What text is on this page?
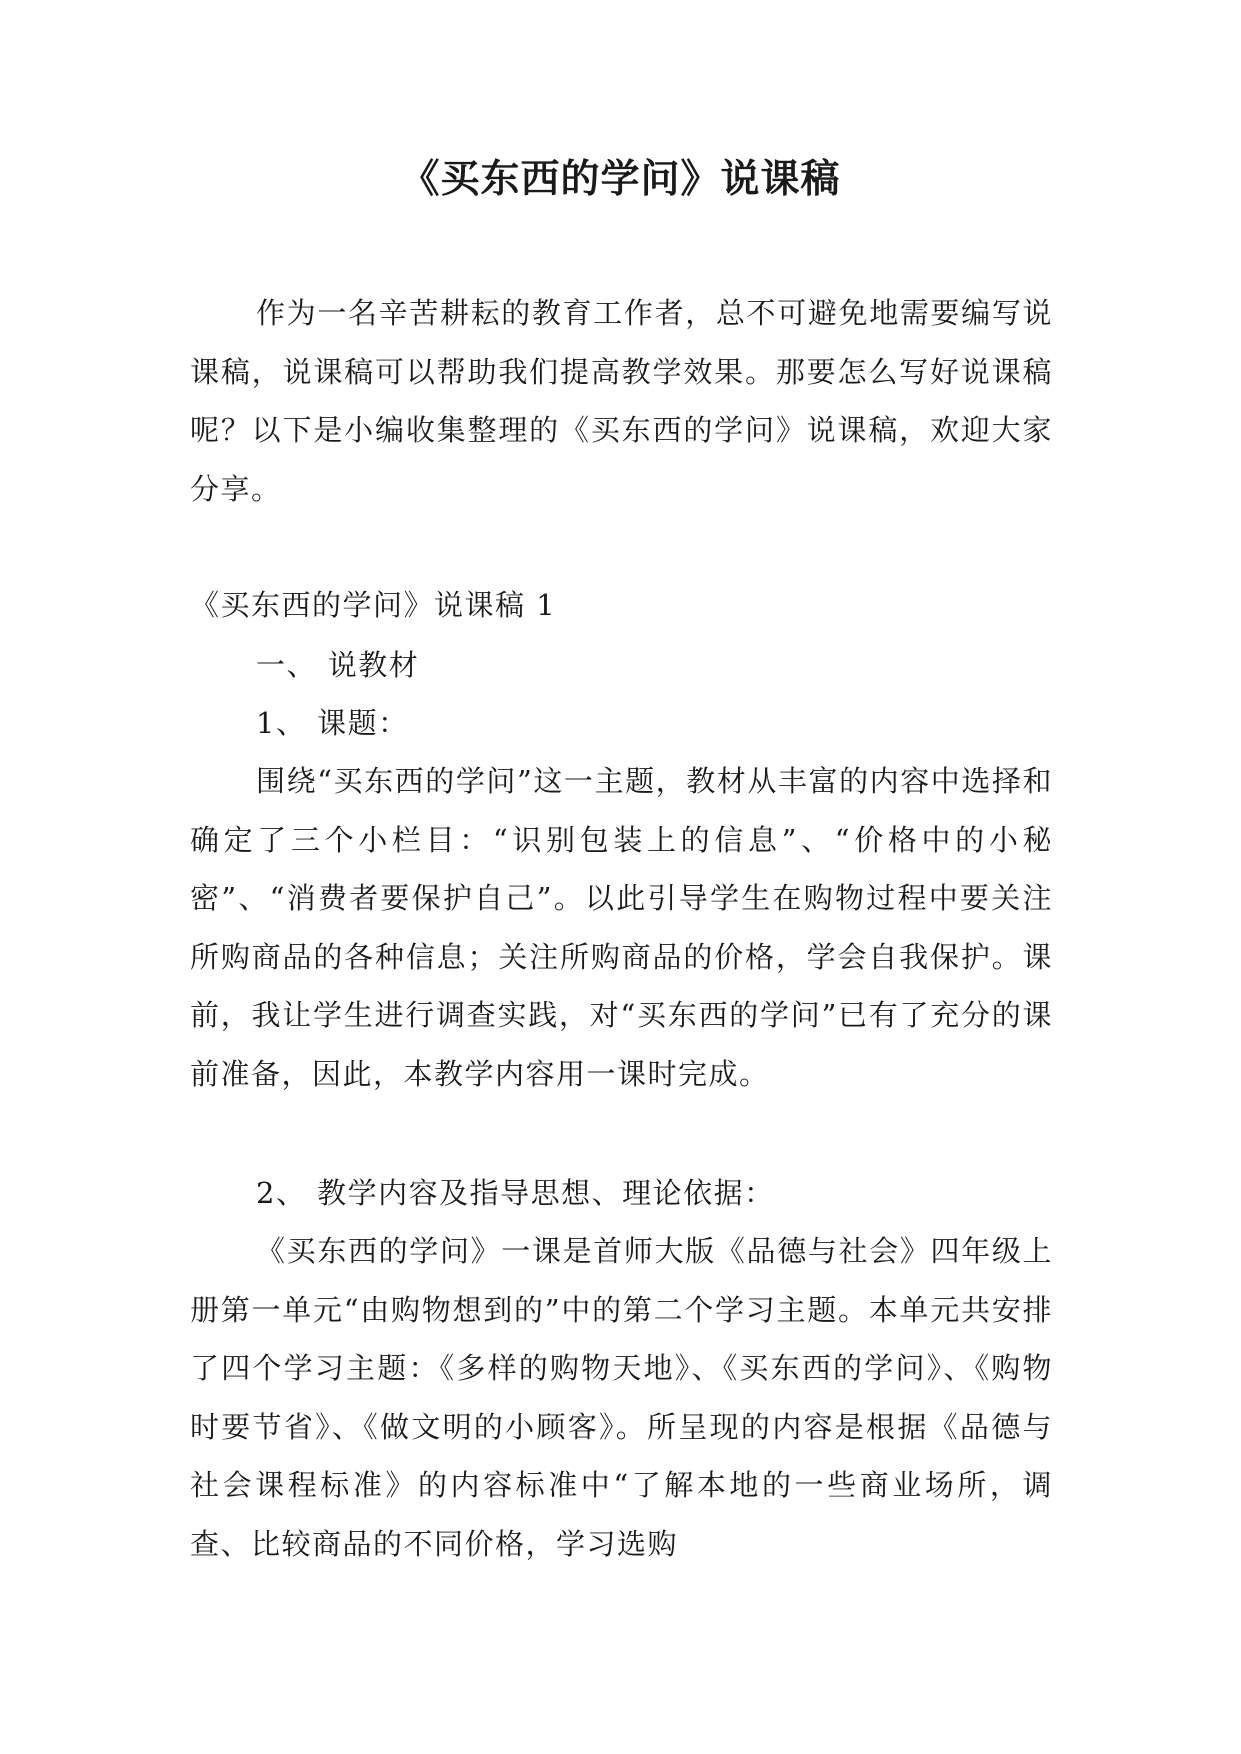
《买东西的学问》说课稿
作为一名辛苦耕耘的教育工作者，总不可避免地需要编写说课稿，说课稿可以帮助我们提高教学效果。那要怎么写好说课稿呢？以下是小编收集整理的《买东西的学问》说课稿，欢迎大家分享。
《买东西的学问》说课稿 1
一、 说教材
1、 课题：
围绕“买东西的学问”这一主题，教材从丰富的内容中选择和确定了三个小栏目：“识别包装上的信息”、“价格中的小秘密”、“消费者要保护自己”。以此引导学生在购物过程中要关注所购商品的各种信息；关注所购商品的价格，学会自我保护。课前，我让学生进行调查实践，对“买东西的学问”已有了充分的课前准备，因此，本教学内容用一课时完成。
2、 教学内容及指导思想、理论依据：
《买东西的学问》一课是首师大版《品德与社会》四年级上册第一单元“由购物想到的”中的第二个学习主题。本单元共安排了四个学习主题：《多样的购物天地》、《买东西的学问》、《购物时要节省》、《做文明的小顾客》。所呈现的内容是根据《品德与社会课程标准》的内容标准中“了解本地的一些商业场所，调查、比较商品的不同价格，学习选购
